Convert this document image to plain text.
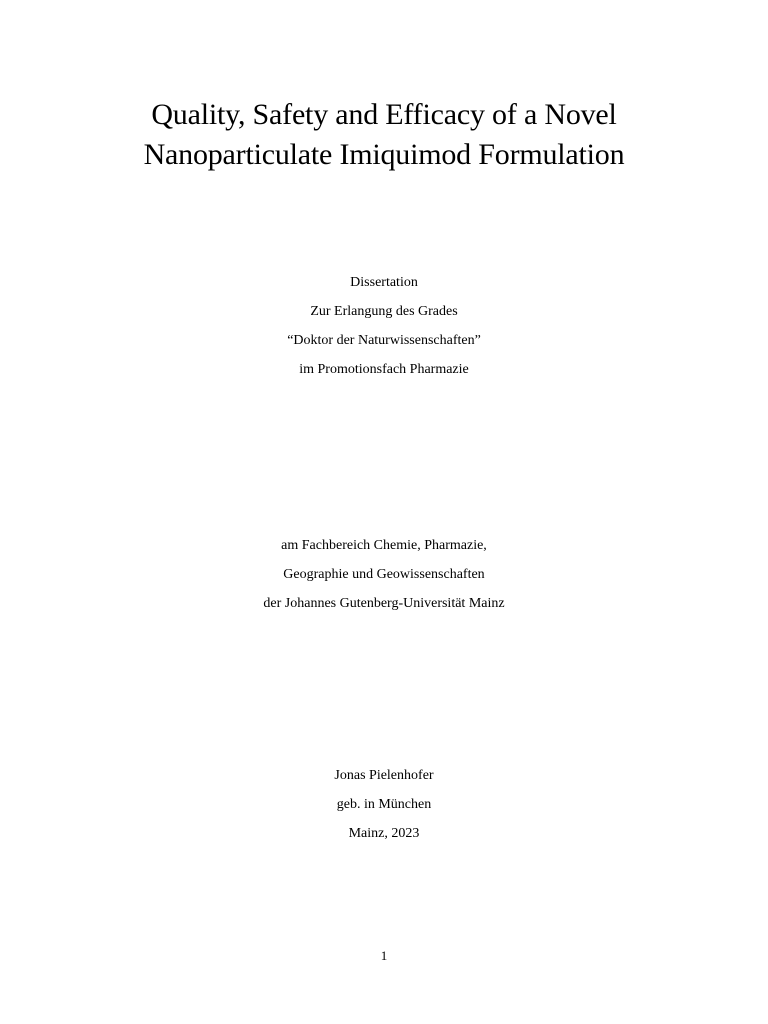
Quality, Safety and Efficacy of a Novel
Nanoparticulate Imiquimod Formulation
Dissertation
Zur Erlangung des Grades
“Doktor der Naturwissenschaften”
im Promotionsfach Pharmazie
am Fachbereich Chemie, Pharmazie,
Geographie und Geowissenschaften
der Johannes Gutenberg-Universität Mainz
Jonas Pielenhofer
geb. in München
Mainz, 2023
1
